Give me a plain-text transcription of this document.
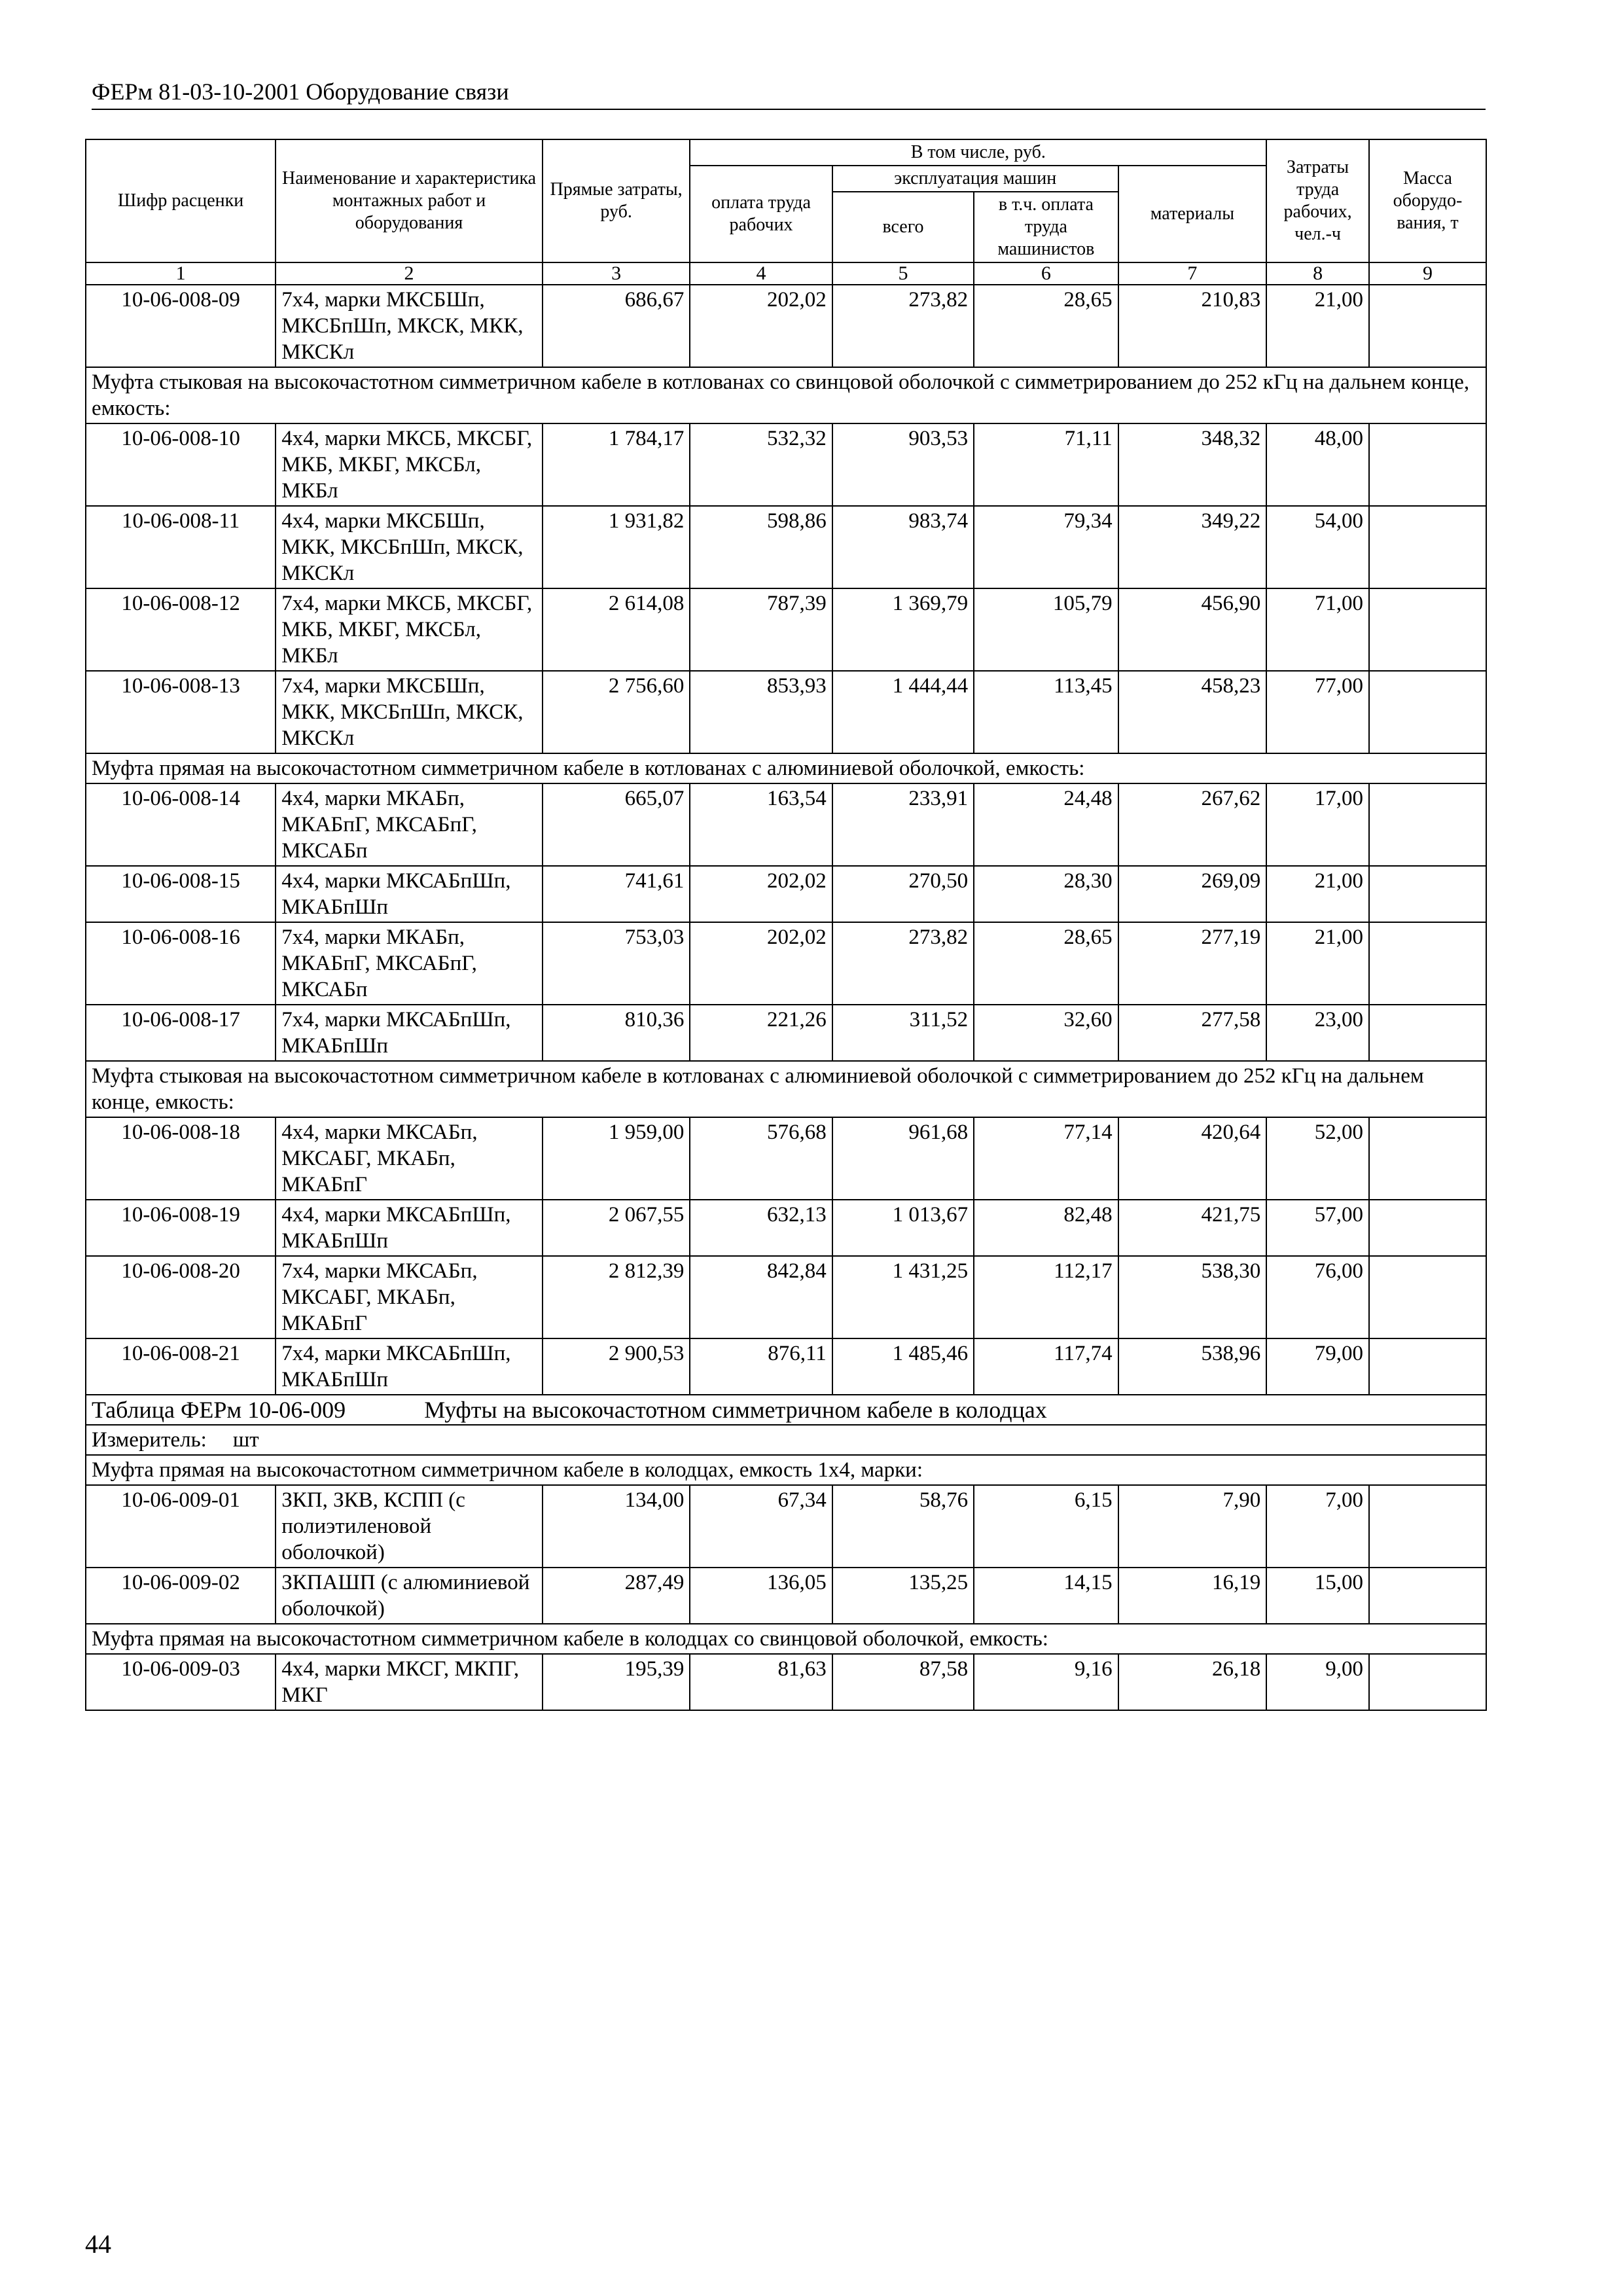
ФЕРм 81-03-10-2001 Оборудование связи
Шифр расценки	Наименование и характеристика монтажных работ и оборудования	Прямые затраты, руб.	В том числе, руб.				Затраты труда рабочих, чел.-ч	Масса оборудо-вания, т
			оплата труда рабочих	эксплуатация машин		материалы		
				всего	в т.ч. оплата труда машинистов			
1	2	3	4	5	6	7	8	9
10-06-008-09	7х4, марки МКСБШп, МКСБпШп, МКСК, МКК, МКСКл	686,67	202,02	273,82	28,65	210,83	21,00	
Муфта стыковая на высокочастотном симметричном кабеле в котлованах со свинцовой оболочкой с симметрированием до 252 кГц на дальнем конце, емкость:								
10-06-008-10	4х4, марки МКСБ, МКСБГ, МКБ, МКБГ, МКСБл, МКБл	1 784,17	532,32	903,53	71,11	348,32	48,00	
10-06-008-11	4х4, марки МКСБШп, МКК, МКСБпШп, МКСК, МКСКл	1 931,82	598,86	983,74	79,34	349,22	54,00	
10-06-008-12	7х4, марки МКСБ, МКСБГ, МКБ, МКБГ, МКСБл, МКБл	2 614,08	787,39	1 369,79	105,79	456,90	71,00	
10-06-008-13	7х4, марки МКСБШп, МКК, МКСБпШп, МКСК, МКСКл	2 756,60	853,93	1 444,44	113,45	458,23	77,00	
Муфта прямая на высокочастотном симметричном кабеле в котлованах с алюминиевой оболочкой, емкость:								
10-06-008-14	4х4, марки МКАБп, МКАБпГ, МКСАБпГ, МКСАБп	665,07	163,54	233,91	24,48	267,62	17,00	
10-06-008-15	4х4, марки МКСАБпШп, МКАБпШп	741,61	202,02	270,50	28,30	269,09	21,00	
10-06-008-16	7х4, марки МКАБп, МКАБпГ, МКСАБпГ, МКСАБп	753,03	202,02	273,82	28,65	277,19	21,00	
10-06-008-17	7х4, марки МКСАБпШп, МКАБпШп	810,36	221,26	311,52	32,60	277,58	23,00	
Муфта стыковая на высокочастотном симметричном кабеле в котлованах с алюминиевой оболочкой с симметрированием до 252 кГц на дальнем конце, емкость:								
10-06-008-18	4х4, марки МКСАБп, МКСАБГ, МКАБп, МКАБпГ	1 959,00	576,68	961,68	77,14	420,64	52,00	
10-06-008-19	4х4, марки МКСАБпШп, МКАБпШп	2 067,55	632,13	1 013,67	82,48	421,75	57,00	
10-06-008-20	7х4, марки МКСАБп, МКСАБГ, МКАБп, МКАБпГ	2 812,39	842,84	1 431,25	112,17	538,30	76,00	
10-06-008-21	7х4, марки МКСАБпШп, МКАБпШп	2 900,53	876,11	1 485,46	117,74	538,96	79,00	
Таблица ФЕРм 10-06-009 Муфты на высокочастотном симметричном кабеле в колодцах								
Измеритель: шт								
Муфта прямая на высокочастотном симметричном кабеле в колодцах, емкость 1х4, марки:								
10-06-009-01	ЗКП, ЗКВ, КСПП (с полиэтиленовой оболочкой)	134,00	67,34	58,76	6,15	7,90	7,00	
10-06-009-02	ЗКПАШП (с алюминиевой оболочкой)	287,49	136,05	135,25	14,15	16,19	15,00	
Муфта прямая на высокочастотном симметричном кабеле в колодцах со свинцовой оболочкой, емкость:								
10-06-009-03	4х4, марки МКСГ, МКПГ, МКГ	195,39	81,63	87,58	9,16	26,18	9,00	
44
